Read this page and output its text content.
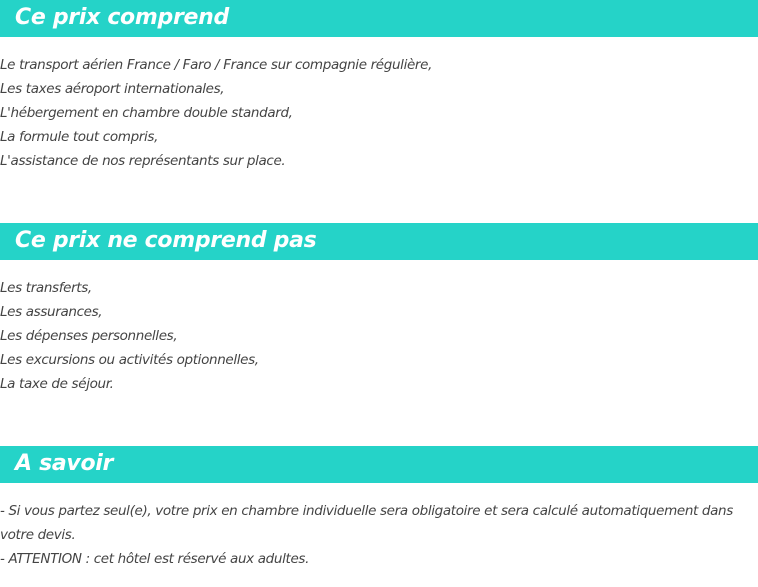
Ce prix comprend
Le transport aérien France / Faro / France sur compagnie régulière,
Les taxes aéroport internationales,
L'hébergement en chambre double standard,
La formule tout compris,
L'assistance de nos représentants sur place.
Ce prix ne comprend pas
Les transferts,
Les assurances,
Les dépenses personnelles,
Les excursions ou activités optionnelles,
La taxe de séjour.
A savoir
- Si vous partez seul(e), votre prix en chambre individuelle sera obligatoire et sera calculé automatiquement dans votre devis.
- ATTENTION : cet hôtel est réservé aux adultes.
